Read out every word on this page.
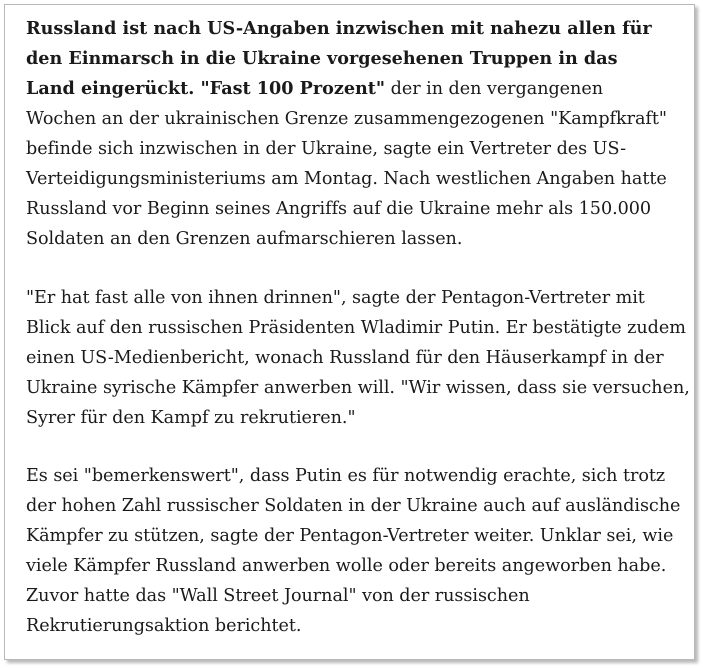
Russland ist nach US-Angaben inzwischen mit nahezu allen für
den Einmarsch in die Ukraine vorgesehenen Truppen in das
Land eingerückt. "Fast 100 Prozent" der in den vergangenen
Wochen an der ukrainischen Grenze zusammengezogenen "Kampfkraft"
befinde sich inzwischen in der Ukraine, sagte ein Vertreter des US-
Verteidigungsministeriums am Montag. Nach westlichen Angaben hatte
Russland vor Beginn seines Angriffs auf die Ukraine mehr als 150.000
Soldaten an den Grenzen aufmarschieren lassen.

"Er hat fast alle von ihnen drinnen", sagte der Pentagon-Vertreter mit
Blick auf den russischen Präsidenten Wladimir Putin. Er bestätigte zudem
einen US-Medienbericht, wonach Russland für den Häuserkampf in der
Ukraine syrische Kämpfer anwerben will. "Wir wissen, dass sie versuchen,
Syrer für den Kampf zu rekrutieren."

Es sei "bemerkenswert", dass Putin es für notwendig erachte, sich trotz
der hohen Zahl russischer Soldaten in der Ukraine auch auf ausländische
Kämpfer zu stützen, sagte der Pentagon-Vertreter weiter. Unklar sei, wie
viele Kämpfer Russland anwerben wolle oder bereits angeworben habe.
Zuvor hatte das "Wall Street Journal" von der russischen
Rekrutierungsaktion berichtet.
